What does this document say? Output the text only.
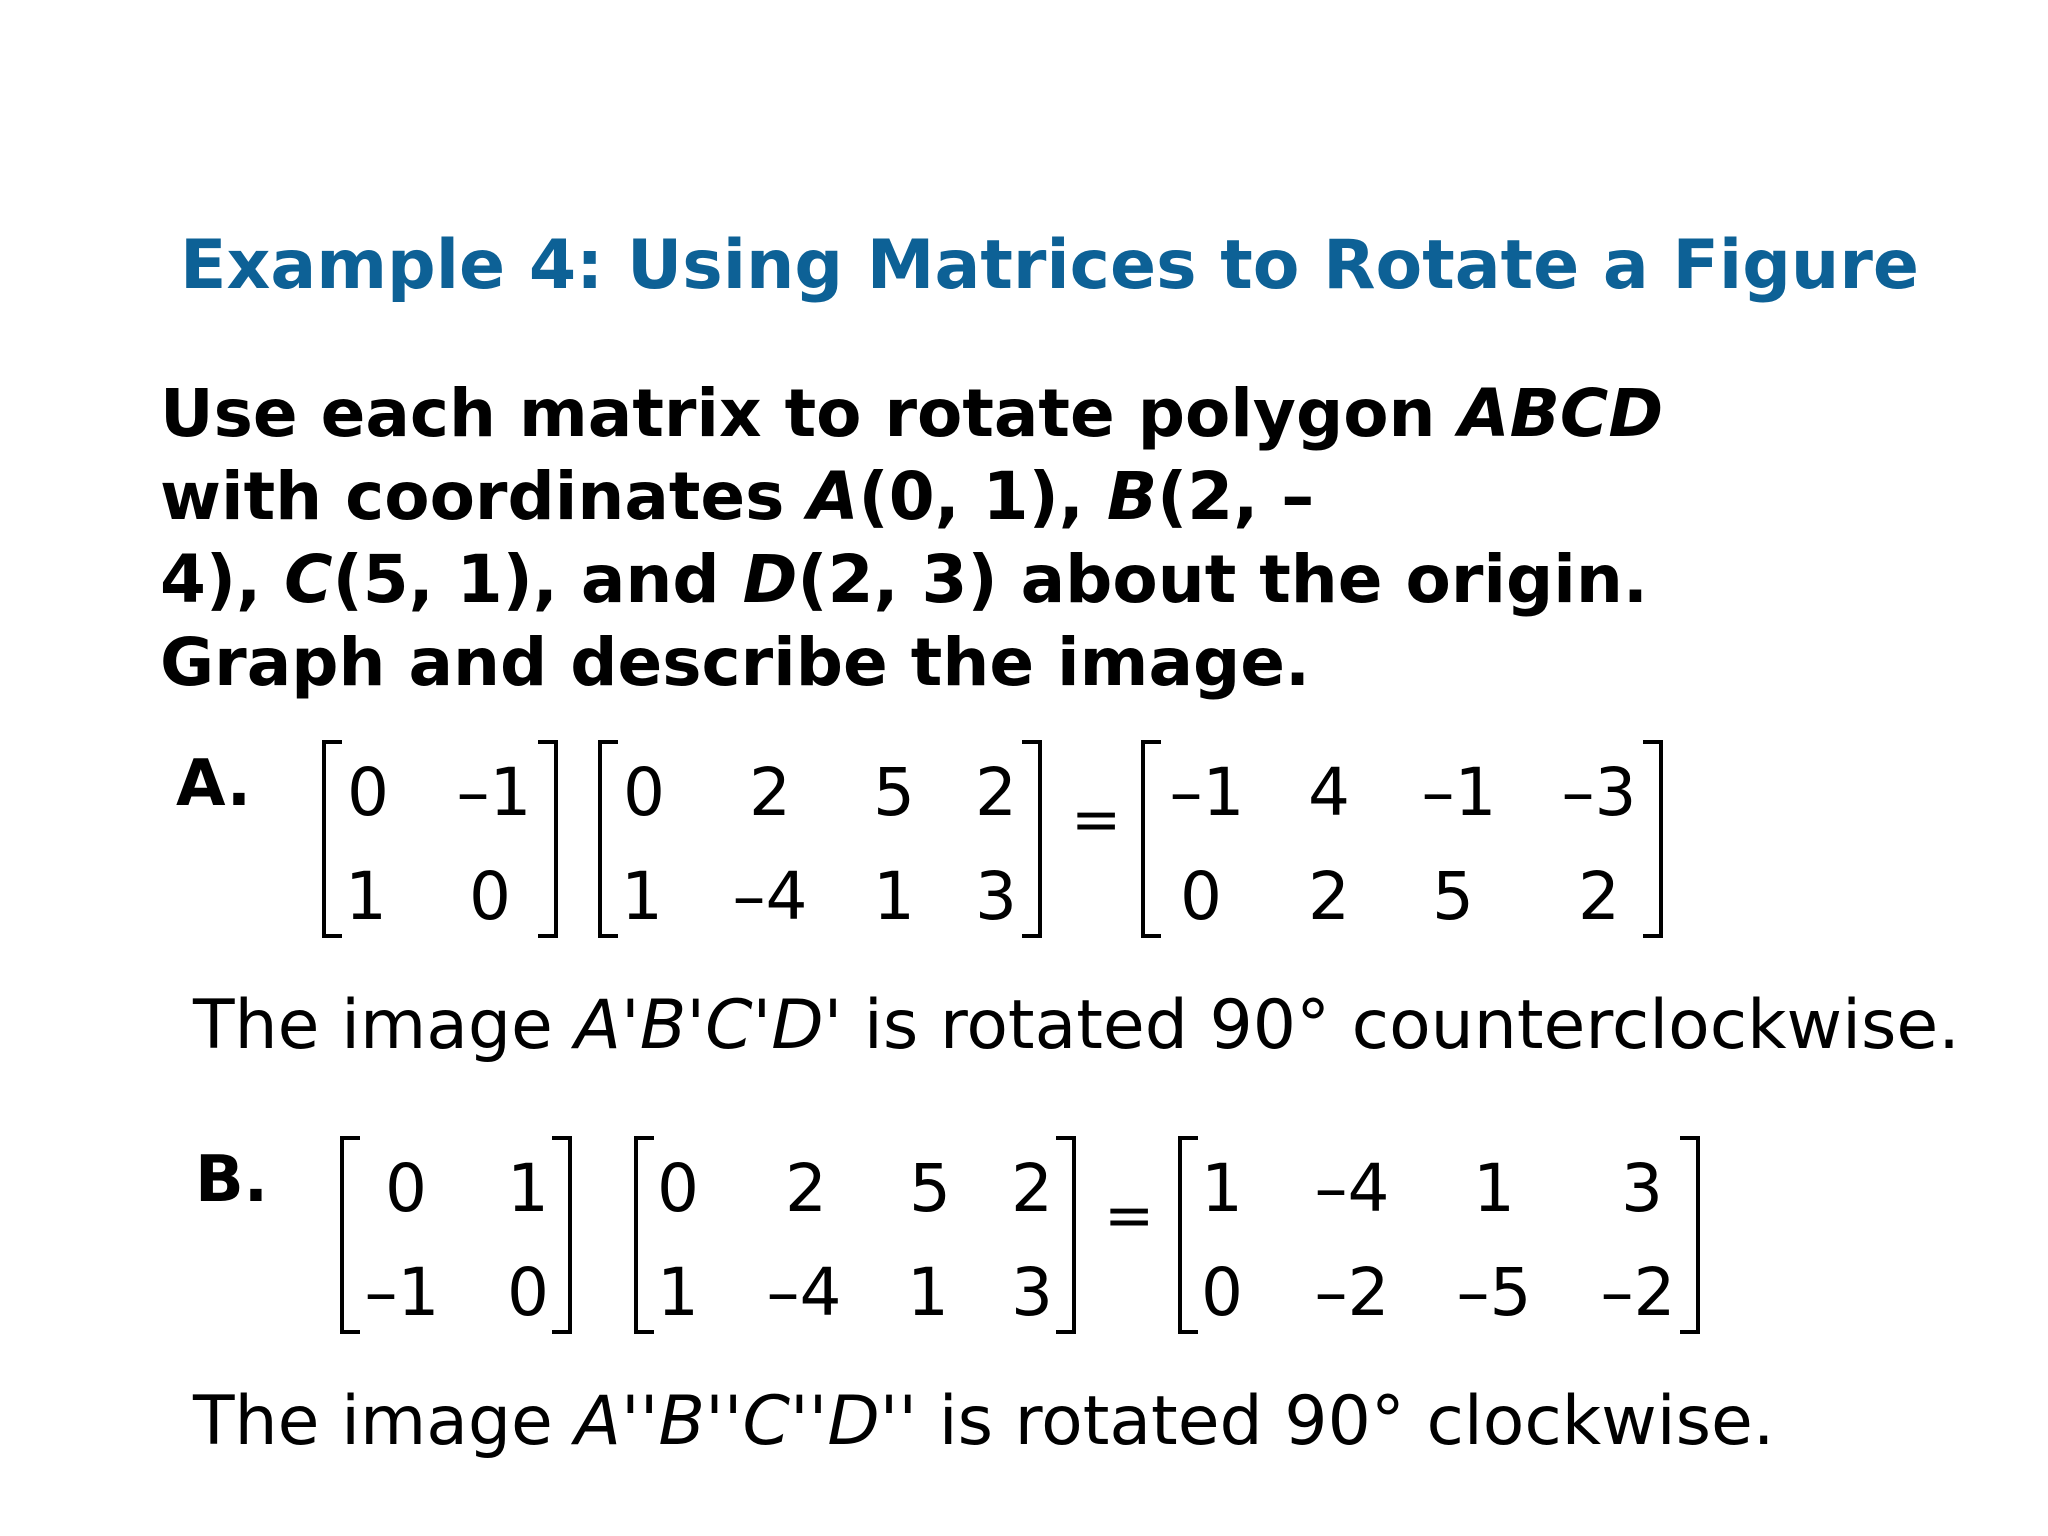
Example 4: Using Matrices to Rotate a Figure
Use each matrix to rotate polygon ABCD
with coordinates A(0, 1), B(2, –
4), C(5, 1), and D(2, 3) about the origin.
Graph and describe the image.
A. 0 –1
1 0
0 2 5 2
1 –4 1 3
= –1 4 –1 –3
0 2 5 2

The image A'B'C'D' is rotated 90° counterclockwise.

B. 0 1
–1 0
0 2 5 2
1 –4 1 3
= 1 –4 1 3
0 –2 –5 –2

The image A''B''C''D'' is rotated 90° clockwise.
